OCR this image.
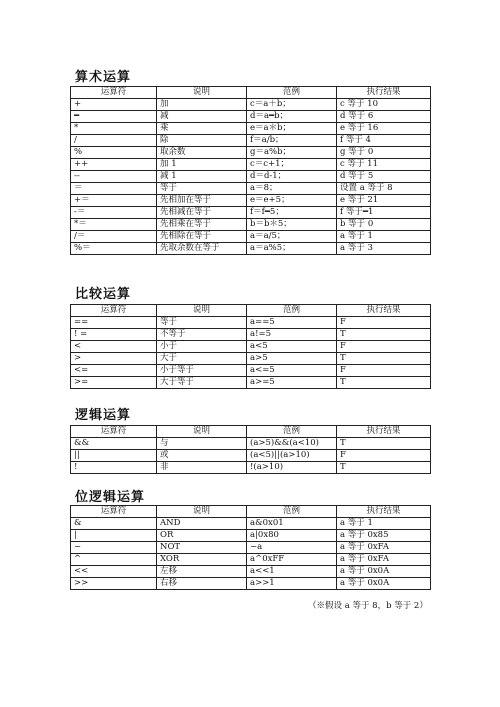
算术运算
运算符	说明	范例	执行结果
+	加	c＝a＋b；	c 等于 10
━	减	d＝a━b；	d 等于 6
*	乘	e＝a＊b；	e 等于 16
/	除	f＝a/b；	f 等于 4
%	取余数	g＝a%b；	g 等于 0
++	加 1	c＝c+1；	c 等于 11
--	减 1	d＝d-1；	d 等于 5
＝	等于	a＝8；	设置 a 等于 8
+＝	先相加在等于	e＝e+5；	e 等于 21
-＝	先相减在等于	f＝f━5；	f 等于━1
*＝	先相乘在等于	b＝b＊5；	b 等于 0
/＝	先相除在等于	a＝a/5；	a 等于 1
%＝	先取余数在等于	a＝a%5；	a 等于 3
比较运算
运算符	说明	范例	执行结果
==	等于	a==5	F
! =	不等于	a!=5	T
<	小于	a<5	F
>	大于	a>5	T
<=	小于等于	a<=5	F
>=	大于等于	a>=5	T
逻辑运算
运算符	说明	范例	执行结果
&&	与	(a>5)&&(a<10)	T
||	或	(a<5)||(a>10)	F
!	非	!(a>10)	T
位逻辑运算
运算符	说明	范例	执行结果
&	AND	a&0x01	a 等于 1
|	OR	a|0x80	a 等于 0x85
~	NOT	~a	a 等于 0xFA
^	XOR	a^0xFF	a 等于 0xFA
<<	左移	a<<1	a 等于 0x0A
>>	右移	a>>1	a 等于 0x0A
（※假设 a 等于 8，b 等于 2）
